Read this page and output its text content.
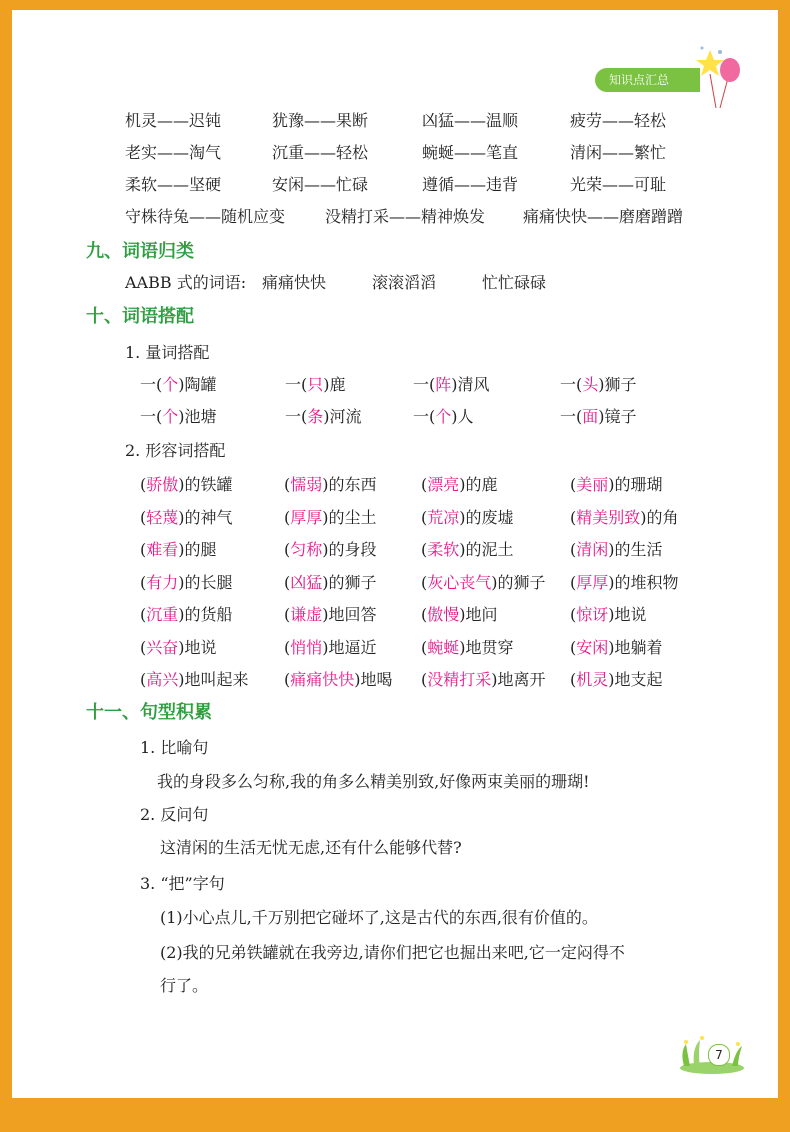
知识点汇总
机灵——迟钝	犹豫——果断	凶猛——温顺	疲劳——轻松
老实——淘气	沉重——轻松	蜿蜒——笔直	清闲——繁忙
柔软——坚硬	安闲——忙碌	遵循——违背	光荣——可耻
守株待兔——随机应变 没精打采——精神焕发 痛痛快快——磨磨蹭蹭
九、词语归类
AABB 式的词语: 痛痛快快	滚滚滔滔	忙忙碌碌
十、词语搭配
1. 量词搭配
一(个)陶罐	一(只)鹿	一(阵)清风	一(头)狮子
一(个)池塘	一(条)河流	一(个)人	一(面)镜子
2. 形容词搭配
(骄傲)的铁罐	(懦弱)的东西	(漂亮)的鹿	(美丽)的珊瑚
(轻蔑)的神气	(厚厚)的尘土	(荒凉)的废墟	(精美别致)的角
(难看)的腿	(匀称)的身段	(柔软)的泥土	(清闲)的生活
(有力)的长腿	(凶猛)的狮子	(灰心丧气)的狮子 (厚厚)的堆积物
(沉重)的货船	(谦虚)地回答	(傲慢)地问	(惊讶)地说
(兴奋)地说	(悄悄)地逼近	(蜿蜒)地贯穿	(安闲)地躺着
(高兴)地叫起来 (痛痛快快)地喝 (没精打采)地离开 (机灵)地支起
十一、句型积累
1. 比喻句
我的身段多么匀称,我的角多么精美别致,好像两束美丽的珊瑚!
2. 反问句
这清闲的生活无忧无虑,还有什么能够代替?
3. “把”字句
(1)小心点儿,千万别把它碰坏了,这是古代的东西,很有价值的。
(2)我的兄弟铁罐就在我旁边,请你们把它也掘出来吧,它一定闷得不
行了。
7
